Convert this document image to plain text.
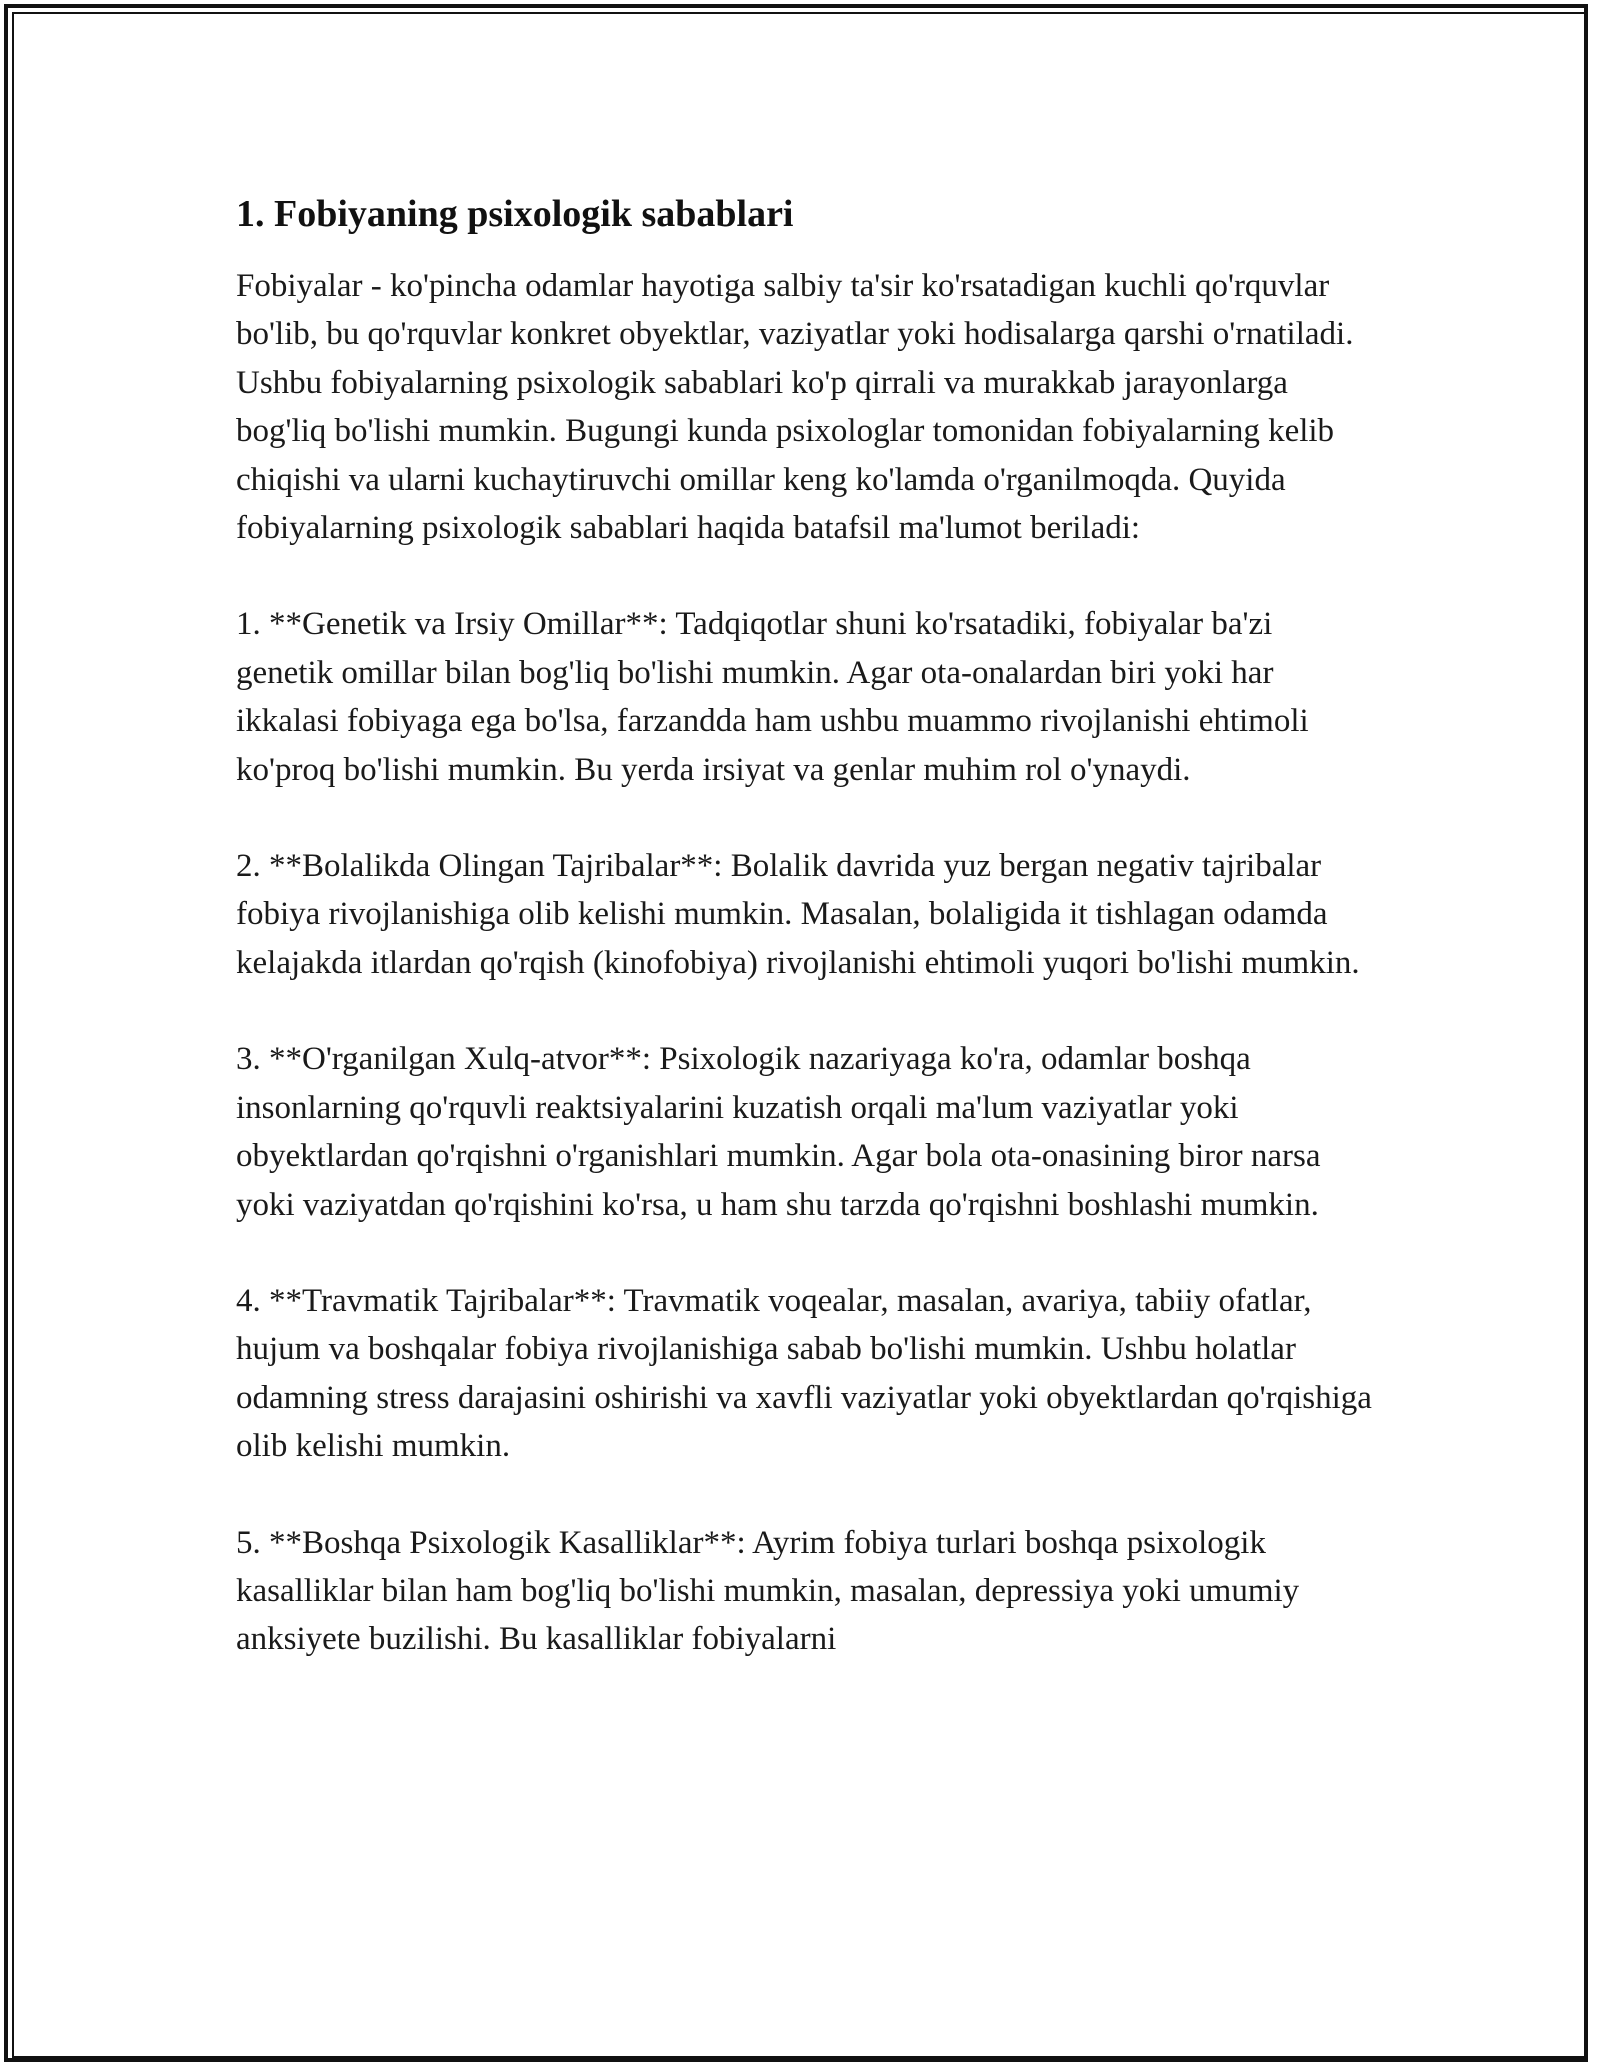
1. Fobiyaning psixologik sabablari

Fobiyalar - ko'pincha odamlar hayotiga salbiy ta'sir ko'rsatadigan kuchli qo'rquvlar bo'lib, bu qo'rquvlar konkret obyektlar, vaziyatlar yoki hodisalarga qarshi o'rnatiladi. Ushbu fobiyalarning psixologik sabablari ko'p qirrali va murakkab jarayonlarga bog'liq bo'lishi mumkin. Bugungi kunda psixologlar tomonidan fobiyalarning kelib chiqishi va ularni kuchaytiruvchi omillar keng ko'lamda o'rganilmoqda. Quyida fobiyalarning psixologik sabablari haqida batafsil ma'lumot beriladi:

1. **Genetik va Irsiy Omillar**: Tadqiqotlar shuni ko'rsatadiki, fobiyalar ba'zi genetik omillar bilan bog'liq bo'lishi mumkin. Agar ota-onalardan biri yoki har ikkalasi fobiyaga ega bo'lsa, farzandda ham ushbu muammo rivojlanishi ehtimoli ko'proq bo'lishi mumkin. Bu yerda irsiyat va genlar muhim rol o'ynaydi.

2. **Bolalikda Olingan Tajribalar**: Bolalik davrida yuz bergan negativ tajribalar fobiya rivojlanishiga olib kelishi mumkin. Masalan, bolaligida it tishlagan odamda kelajakda itlardan qo'rqish (kinofobiya) rivojlanishi ehtimoli yuqori bo'lishi mumkin.

3. **O'rganilgan Xulq-atvor**: Psixologik nazariyaga ko'ra, odamlar boshqa insonlarning qo'rquvli reaktsiyalarini kuzatish orqali ma'lum vaziyatlar yoki obyektlardan qo'rqishni o'rganishlari mumkin. Agar bola ota-onasining biror narsa yoki vaziyatdan qo'rqishini ko'rsa, u ham shu tarzda qo'rqishni boshlashi mumkin.

4. **Travmatik Tajribalar**: Travmatik voqealar, masalan, avariya, tabiiy ofatlar, hujum va boshqalar fobiya rivojlanishiga sabab bo'lishi mumkin. Ushbu holatlar odamning stress darajasini oshirishi va xavfli vaziyatlar yoki obyektlardan qo'rqishiga olib kelishi mumkin.

5. **Boshqa Psixologik Kasalliklar**: Ayrim fobiya turlari boshqa psixologik kasalliklar bilan ham bog'liq bo'lishi mumkin, masalan, depressiya yoki umumiy anksiyete buzilishi. Bu kasalliklar fobiyalarni
